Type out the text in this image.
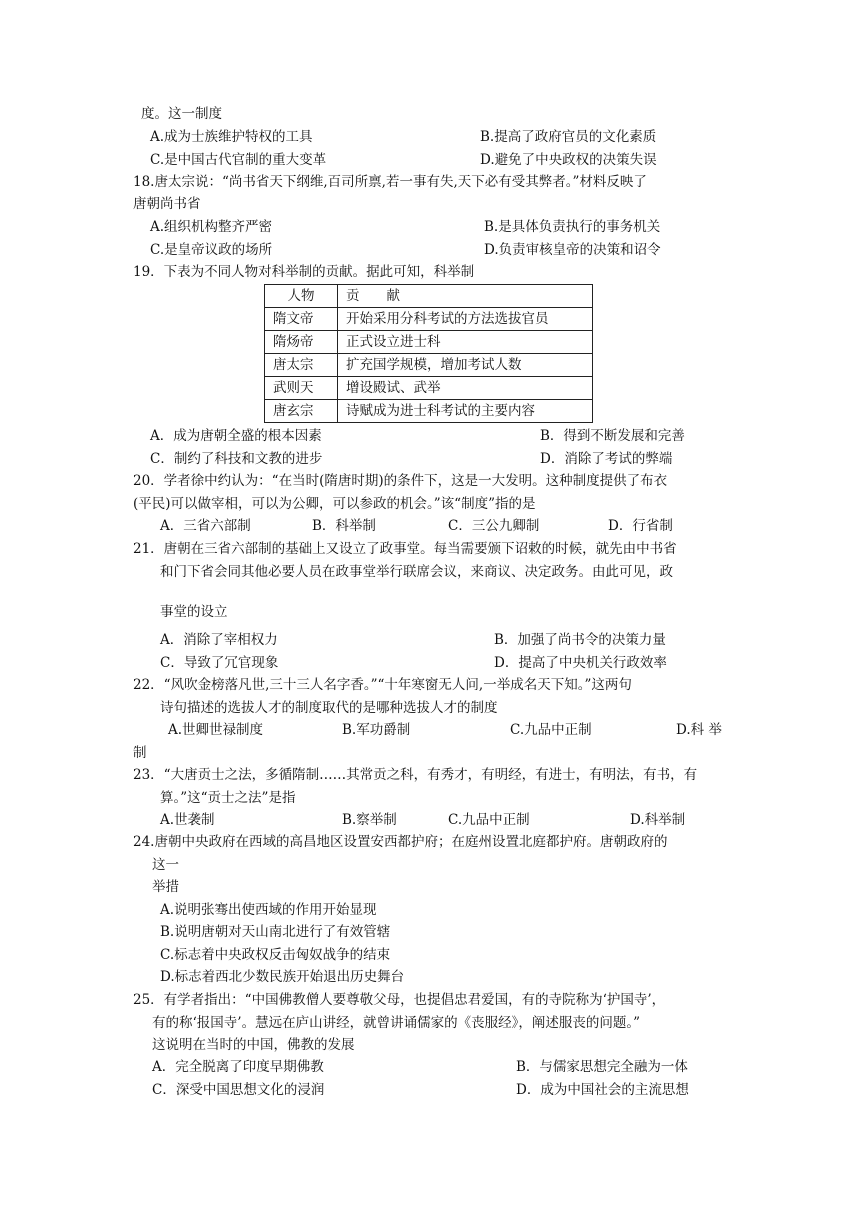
度。这一制度
A.成为士族维护特权的工具	B.提高了政府官员的文化素质
C.是中国古代官制的重大变革	D.避免了中央政权的决策失误
18.唐太宗说：“尚书省天下纲维,百司所禀,若一事有失,天下必有受其弊者。”材料反映了
唐朝尚书省
A.组织机构整齐严密	B.是具体负责执行的事务机关
C.是皇帝议政的场所	D.负责审核皇帝的决策和诏令
19．下表为不同人物对科举制的贡献。据此可知，科举制
人物	贡献
隋文帝	开始采用分科考试的方法选拔官员
隋炀帝	正式设立进士科
唐太宗	扩充国学规模，增加考试人数
武则天	增设殿试、武举
唐玄宗	诗赋成为进士科考试的主要内容
A．成为唐朝全盛的根本因素	B．得到不断发展和完善
C．制约了科技和文教的进步	D．消除了考试的弊端
20．学者徐中约认为：“在当时(隋唐时期)的条件下，这是一大发明。这种制度提供了布衣
(平民)可以做宰相，可以为公卿，可以参政的机会。”该“制度”指的是
A．三省六部制	B．科举制	C．三公九卿制	D．行省制
21．唐朝在三省六部制的基础上又设立了政事堂。每当需要颁下诏敕的时候，就先由中书省
和门下省会同其他必要人员在政事堂举行联席会议，来商议、决定政务。由此可见，政
事堂的设立
A．消除了宰相权力	B．加强了尚书令的决策力量
C．导致了冗官现象	D．提高了中央机关行政效率
22．“风吹金榜落凡世,三十三人名字香。”“十年寒窗无人问,一举成名天下知。”这两句
诗句描述的选拔人才的制度取代的是哪种选拔人才的制度
A.世卿世禄制度	B.军功爵制	C.九品中正制	D.科 举
制
23．“大唐贡士之法，多循隋制……其常贡之科，有秀才，有明经，有进士，有明法，有书，有
算。”这“贡士之法”是指
A.世袭制	B.察举制	C.九品中正制	D.科举制
24.唐朝中央政府在西域的高昌地区设置安西都护府；在庭州设置北庭都护府。唐朝政府的
这一
举措
A.说明张骞出使西域的作用开始显现
B.说明唐朝对天山南北进行了有效管辖
C.标志着中央政权反击匈奴战争的结束
D.标志着西北少数民族开始退出历史舞台
25．有学者指出：“中国佛教僧人要尊敬父母，也提倡忠君爱国，有的寺院称为‘护国寺’，
有的称‘报国寺’。慧远在庐山讲经，就曾讲诵儒家的《丧服经》，阐述服丧的问题。”
这说明在当时的中国，佛教的发展
A．完全脱离了印度早期佛教	B．与儒家思想完全融为一体
C．深受中国思想文化的浸润	D．成为中国社会的主流思想
